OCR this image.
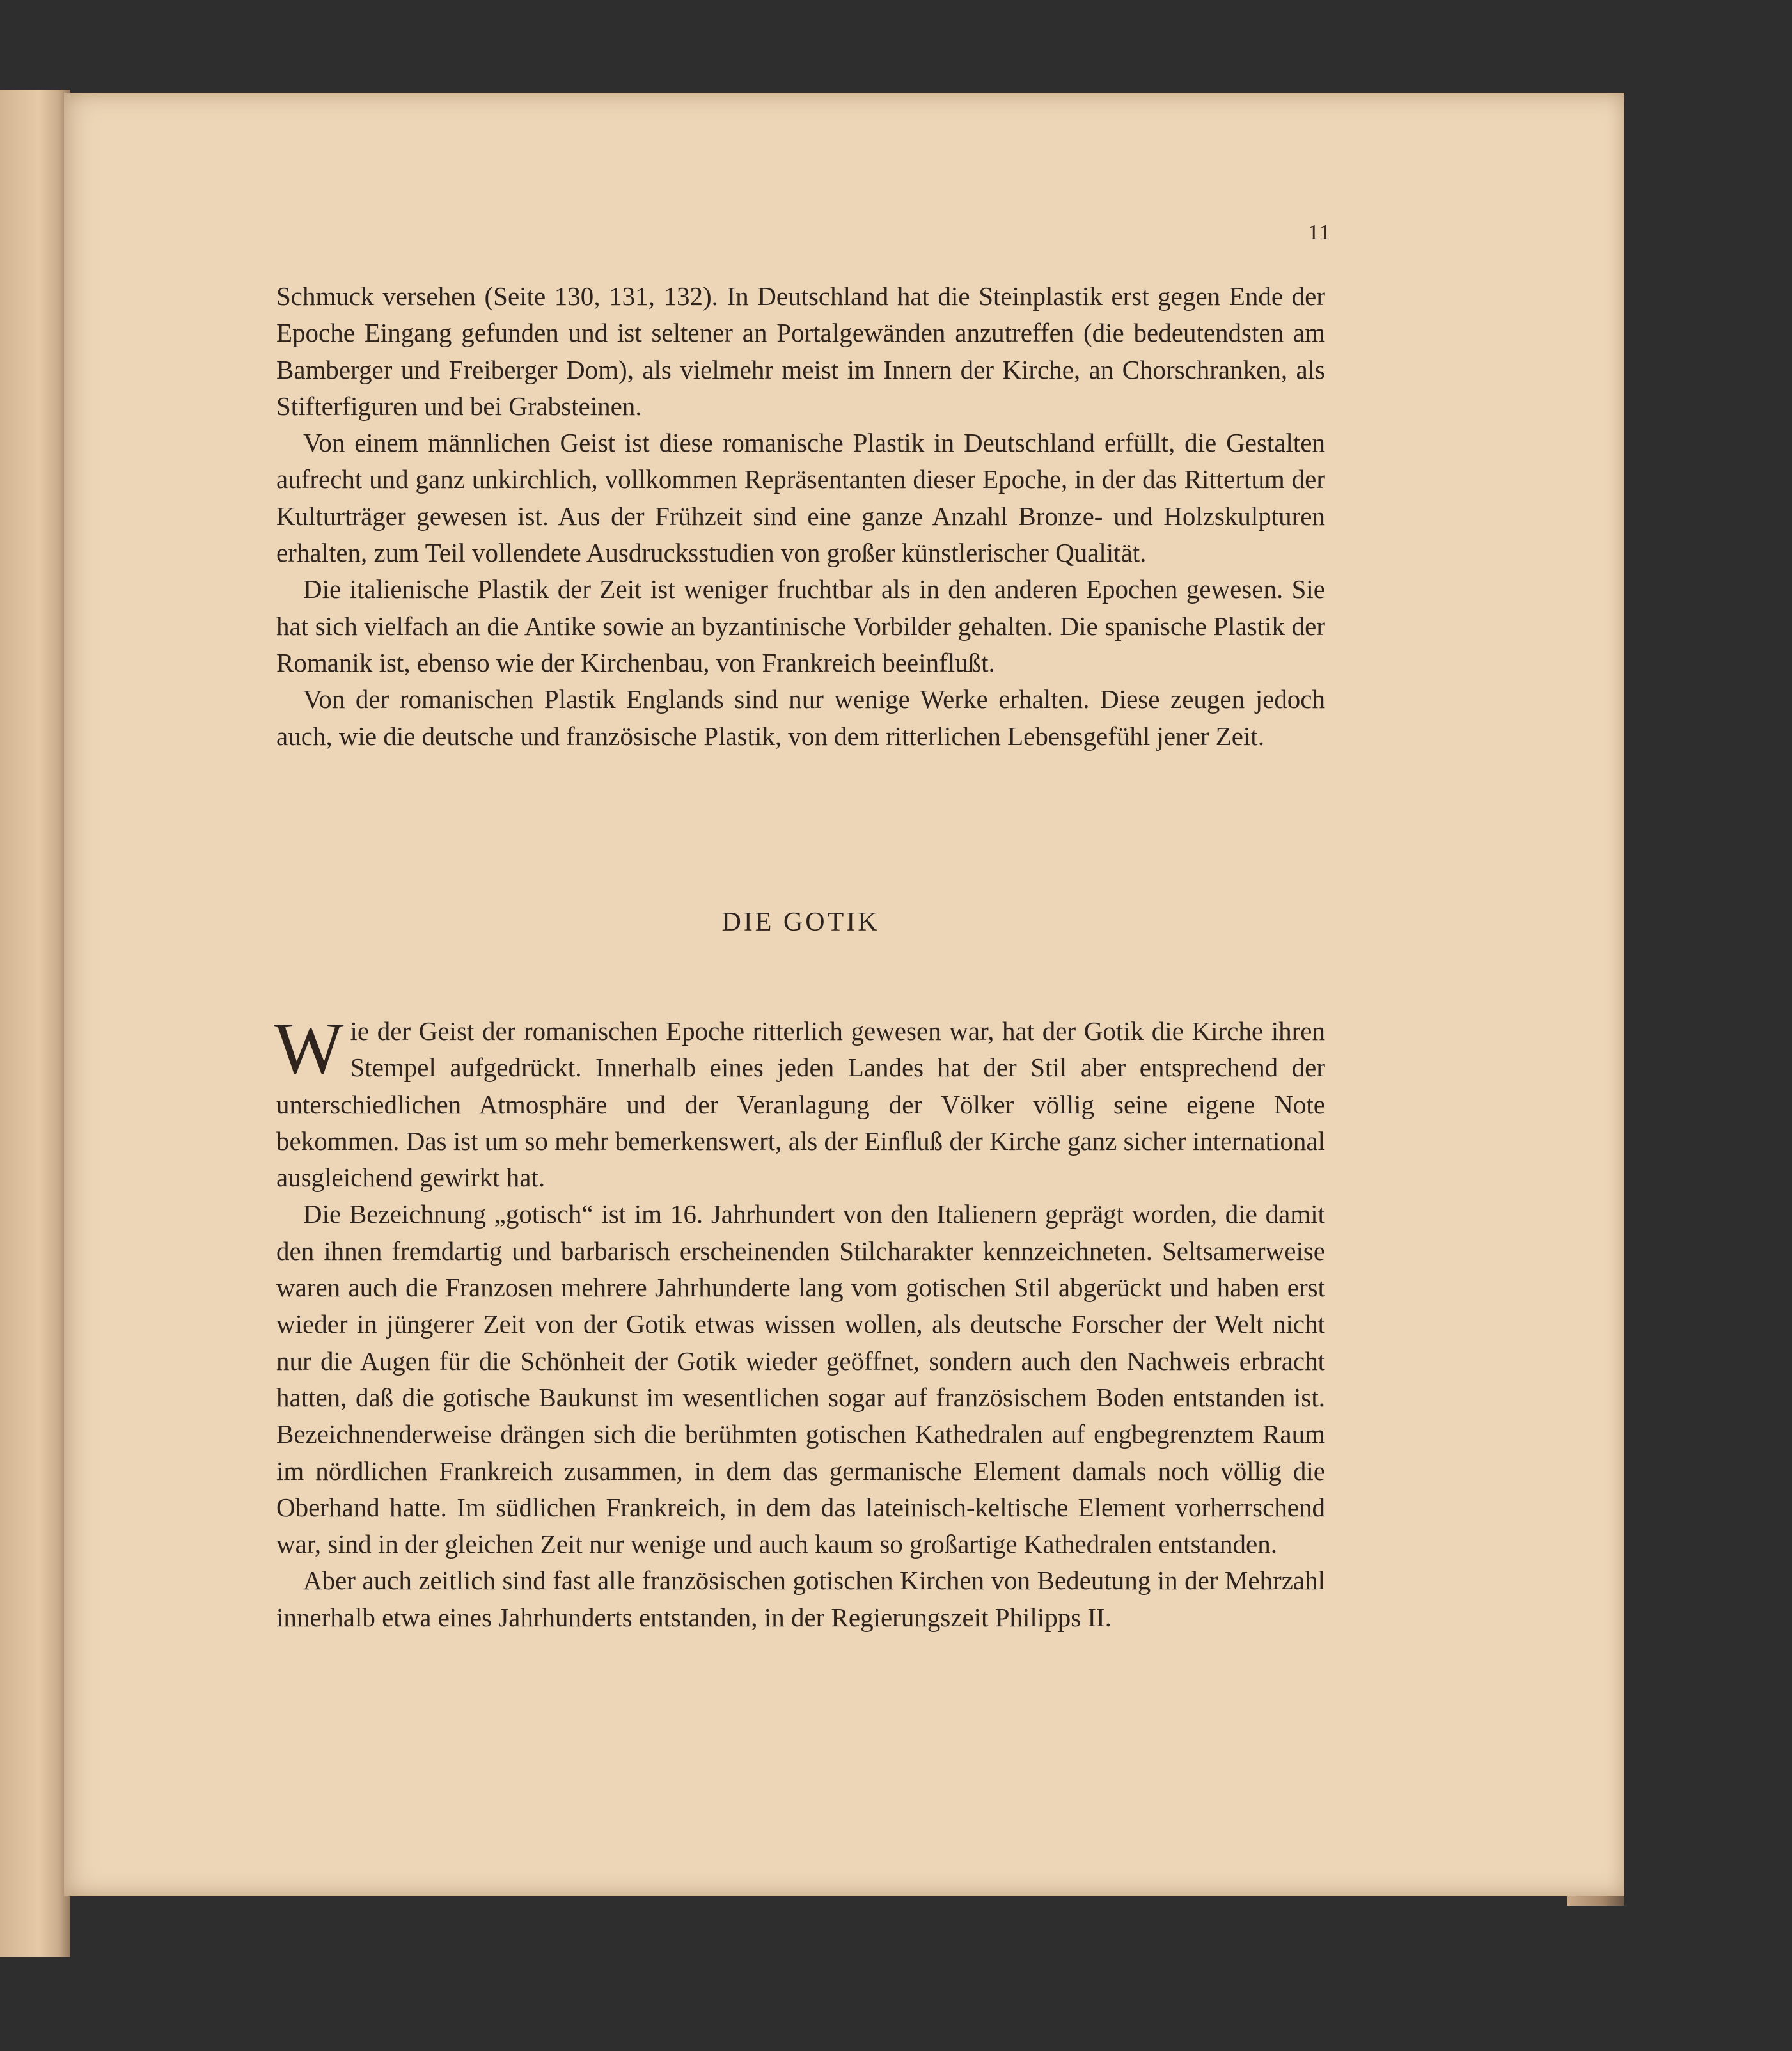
11

Schmuck versehen (Seite 130, 131, 132). In Deutschland hat die Steinplastik erst gegen Ende der Epoche Eingang gefunden und ist seltener an Portalgewänden anzutreffen (die bedeutendsten am Bamberger und Freiberger Dom), als vielmehr meist im Innern der Kirche, an Chorschranken, als Stifterfiguren und bei Grabsteinen.

Von einem männlichen Geist ist diese romanische Plastik in Deutschland erfüllt, die Gestalten aufrecht und ganz unkirchlich, vollkommen Repräsentanten dieser Epoche, in der das Rittertum der Kulturträger gewesen ist. Aus der Frühzeit sind eine ganze Anzahl Bronze- und Holzskulpturen erhalten, zum Teil vollendete Ausdrucksstudien von großer künstlerischer Qualität.

Die italienische Plastik der Zeit ist weniger fruchtbar als in den anderen Epochen gewesen. Sie hat sich vielfach an die Antike sowie an byzantinische Vorbilder gehalten. Die spanische Plastik der Romanik ist, ebenso wie der Kirchenbau, von Frankreich beeinflußt.

Von der romanischen Plastik Englands sind nur wenige Werke erhalten. Diese zeugen jedoch auch, wie die deutsche und französische Plastik, von dem ritterlichen Lebensgefühl jener Zeit.

DIE GOTIK

Wie der Geist der romanischen Epoche ritterlich gewesen war, hat der Gotik die Kirche ihren Stempel aufgedrückt. Innerhalb eines jeden Landes hat der Stil aber entsprechend der unterschiedlichen Atmosphäre und der Veranlagung der Völker völlig seine eigene Note bekommen. Das ist um so mehr bemerkenswert, als der Einfluß der Kirche ganz sicher international ausgleichend gewirkt hat.

Die Bezeichnung „gotisch“ ist im 16. Jahrhundert von den Italienern geprägt worden, die damit den ihnen fremdartig und barbarisch erscheinenden Stilcharakter kennzeichneten. Seltsamerweise waren auch die Franzosen mehrere Jahrhunderte lang vom gotischen Stil abgerückt und haben erst wieder in jüngerer Zeit von der Gotik etwas wissen wollen, als deutsche Forscher der Welt nicht nur die Augen für die Schönheit der Gotik wieder geöffnet, sondern auch den Nachweis erbracht hatten, daß die gotische Baukunst im wesentlichen sogar auf französischem Boden entstanden ist. Bezeichnenderweise drängen sich die berühmten gotischen Kathedralen auf engbegrenztem Raum im nördlichen Frankreich zusammen, in dem das germanische Element damals noch völlig die Oberhand hatte. Im südlichen Frankreich, in dem das lateinisch-keltische Element vorherrschend war, sind in der gleichen Zeit nur wenige und auch kaum so großartige Kathedralen entstanden.

Aber auch zeitlich sind fast alle französischen gotischen Kirchen von Bedeutung in der Mehrzahl innerhalb etwa eines Jahrhunderts entstanden, in der Regierungszeit Philipps II.
